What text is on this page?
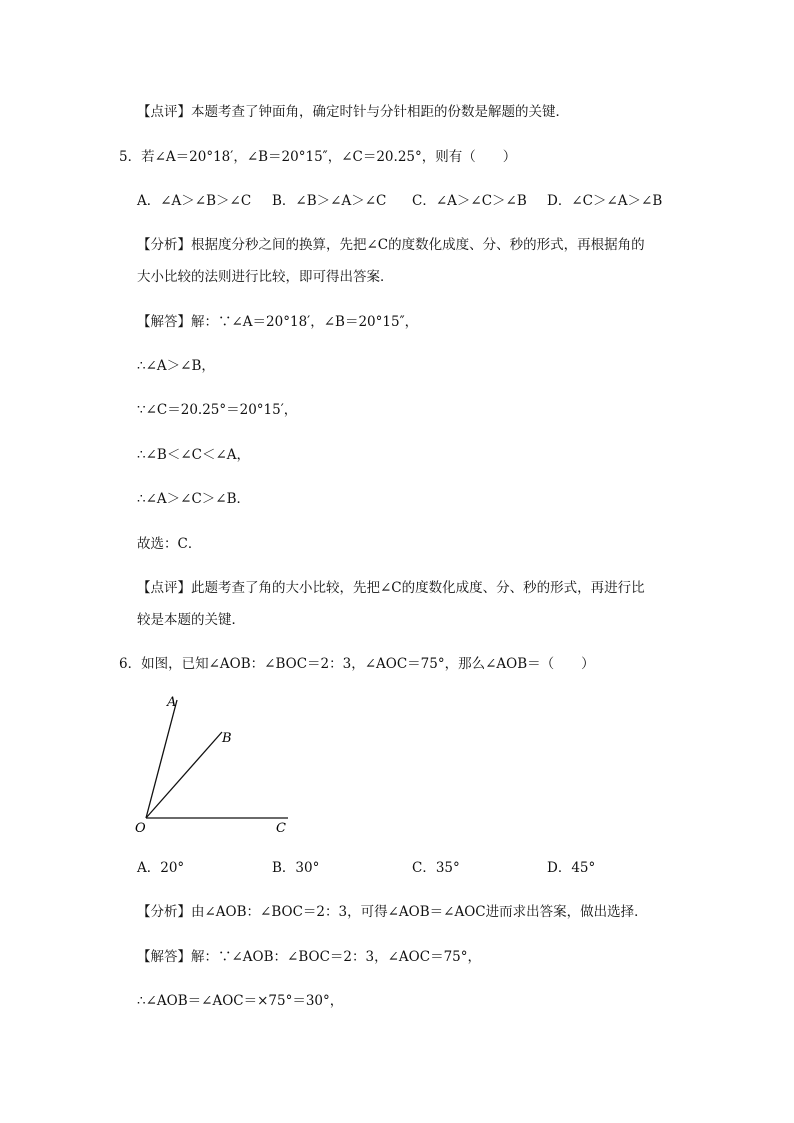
【点评】本题考查了钟面角，确定时针与分针相距的份数是解题的关键．
5．若∠A＝20°18′，∠B＝20°15″，∠C＝20.25°，则有（　　）
A．∠A＞∠B＞∠C B．∠B＞∠A＞∠C C．∠A＞∠C＞∠B D．∠C＞∠A＞∠B
【分析】根据度分秒之间的换算，先把∠C的度数化成度、分、秒的形式，再根据角的
大小比较的法则进行比较，即可得出答案．
【解答】解：∵∠A＝20°18′，∠B＝20°15″，
∴∠A＞∠B，
∵∠C＝20.25°＝20°15′，
∴∠B＜∠C＜∠A，
∴∠A＞∠C＞∠B．
故选：C．
【点评】此题考查了角的大小比较，先把∠C的度数化成度、分、秒的形式，再进行比
较是本题的关键．
6．如图，已知∠AOB：∠BOC＝2：3，∠AOC＝75°，那么∠AOB＝（　　）
A
B
O	C
A．20°	B．30°	C．35°	D．45°
【分析】由∠AOB：∠BOC＝2：3，可得∠AOB＝∠AOC进而求出答案，做出选择．
【解答】解：∵∠AOB：∠BOC＝2：3，∠AOC＝75°，
∴∠AOB＝∠AOC＝×75°＝30°，
